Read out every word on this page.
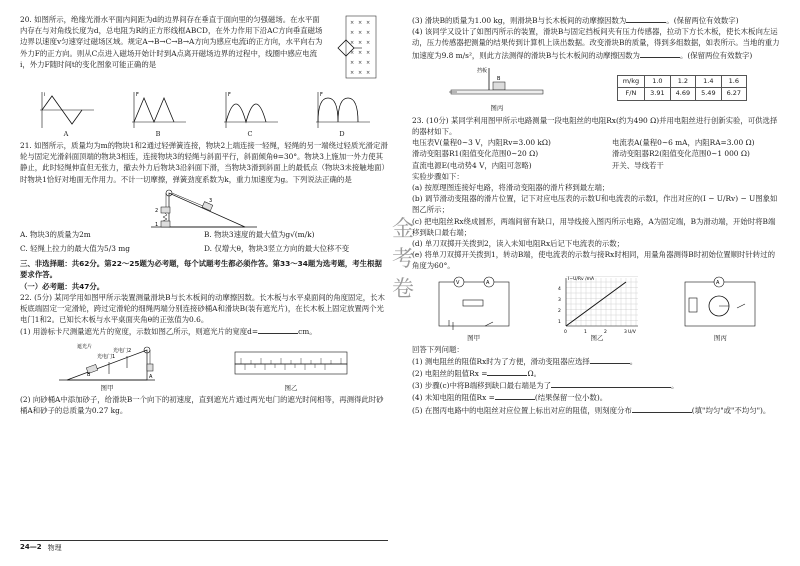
20. 如图所示，绝缘光滑水平面内间距为d的边界间存在垂直于面向里的匀强磁场。在水平面内存在与对角线长度为d，总电阻为R的正方形线框ABCD，在外力作用下沿AC方向垂直磁场边界以速度v匀速穿过磁场区域。规定A→B→C→B→A方向为感应电流i的正方向，水平向右为外力F的正方向。则从C点进入磁场开始计时到A点离开磁场边界的过程中，线圈中感应电流i，外力F随时间t的变化图象可能正确的是

× × ×
× × ×
× × ×
× × ×
× × ×
× × ×
i
A
F
B
F
C
F
D

21. 如图所示，质量均为m的物块1和2通过轻弹簧连接，物块2上端连接一轻绳，轻绳的另一端绕过轻质光滑定滑轮与固定光滑斜面顶端的物块3相连，连接物块3的轻绳与斜面平行，斜面倾角θ=30°。物块3上施加一外力使其静止，此时轻绳伸直但无张力，撤去外力后物块3沿斜面下滑，当物块3滑到斜面上的最低点（物块3未接触地面）时物块1恰好对地面无作用力。不计一切摩擦，弹簧劲度系数为k，重力加速度为g。下列说法正确的是

2
1
3
A. 物块3的质量为2m	B. 物块3速度的最大值为g√(m/k)
C. 轻绳上拉力的最大值为5/3 mg	D. 仅增大θ，物块3竖立方向的最大位移不变

三、非选择题：共62分。第22～25题为必考题，每个试题考生都必须作答。第33～34题为选考题，考生根据要求作答。

（一）必考题：共47分。

22. (5分) 某同学用如图甲所示装置测量滑块B与长木板间的动摩擦因数。长木板与水平桌面间的角度固定，长木板底端固定一定滑轮，跨过定滑轮的细绳两端分别连接砂桶A和滑块B(装有遮光片)，在长木板上固定放置两个光电门1和2。已知长木板与水平桌面夹角θ的正弦值为0.6。

(1) 用游标卡尺测量遮光片的宽度，示数如图乙所示，则遮光片的宽度d=	cm。

遮光片
光电门1
光电门2
B	A
图甲	图乙

(2) 向砂桶A中添加砂子，给滑块B一个向下的初速度，直到遮光片通过两光电门的遮光时间相等，再测得此时砂桶A和砂子的总质量为0.27 kg。

金
考
卷

(3) 滑块B的质量为1.00 kg，则滑块B与长木板间的动摩擦因数为	。(保留两位有效数字)

(4) 该同学又设计了如图丙所示的装置，滑块B与固定挡板间夹有压力传感器，拉动下方长木板，使长木板向左运动，压力传感器把测量的结果传到计算机上读出数据。改变滑块B的质量，得到多组数据，如表所示。当地的重力加速度为9.8 m/s²，则此方法测得的滑块B与长木板间的动摩擦因数为	。(保留两位有效数字)

挡板
B
图丙
m/kg	1.0	1.2	1.4	1.6
F/N	3.91	4.69	5.49	6.27

23. (10分) 某同学利用图甲所示电路测量一段电阻丝的电阻Rx(约为490 Ω)并用电阻丝进行创新实验，可供选择的器材如下。

电压表V(量程0~3 V，内阻Rv=3.00 kΩ)	电流表A(量程0~6 mA，内阻RA=3.00 Ω)
滑动变阻器R1(阻值变化范围0~20 Ω)	滑动变阻器R2(阻值变化范围0~1 000 Ω)
直流电源E(电动势4 V，内阻可忽略)	开关、导线若干

实验步骤如下：

(a) 按原理图连接好电路，将滑动变阻器的滑片移到最左端；

(b) 调节滑动变阻器的滑片位置，记下对应电压表的示数U和电流表的示数I，作出对应的(I − U/Rv) − U图象如图乙所示；

(c) 把电阻丝Rx绕成圆形，两端间留有缺口，用导线接入图丙所示电路，A为固定端，B为滑动端，开始时将B端移到缺口最右端；

(d) 单刀双掷开关拨到2，读入未知电阻Rx后记下电流表的示数；

(e) 将单刀双掷开关拨到1，转动B端，使电流表的示数与接Rx时相同，用量角器测得B时初始位置顺时针转过的角度为60°。

V	A
图甲
I−U/Rv /mA
U/V
4
3
2
1
0	1	2	3
图乙
A
图丙

回答下列问题：

(1) 测电阻丝的阻值Rx时为了方便，滑动变阻器应选择	。

(2) 电阻丝的阻值Rx =	Ω。

(3) 步骤(c)中将B端移到缺口最右端是为了	。

(4) 未知电阻的阻值Rx =	(结果保留一位小数)。

(5) 在图丙电路中的电阻丝对应位置上标出对应的阻值，则刻度分布	(填"均匀"或"不均匀")。

24—2 物理
